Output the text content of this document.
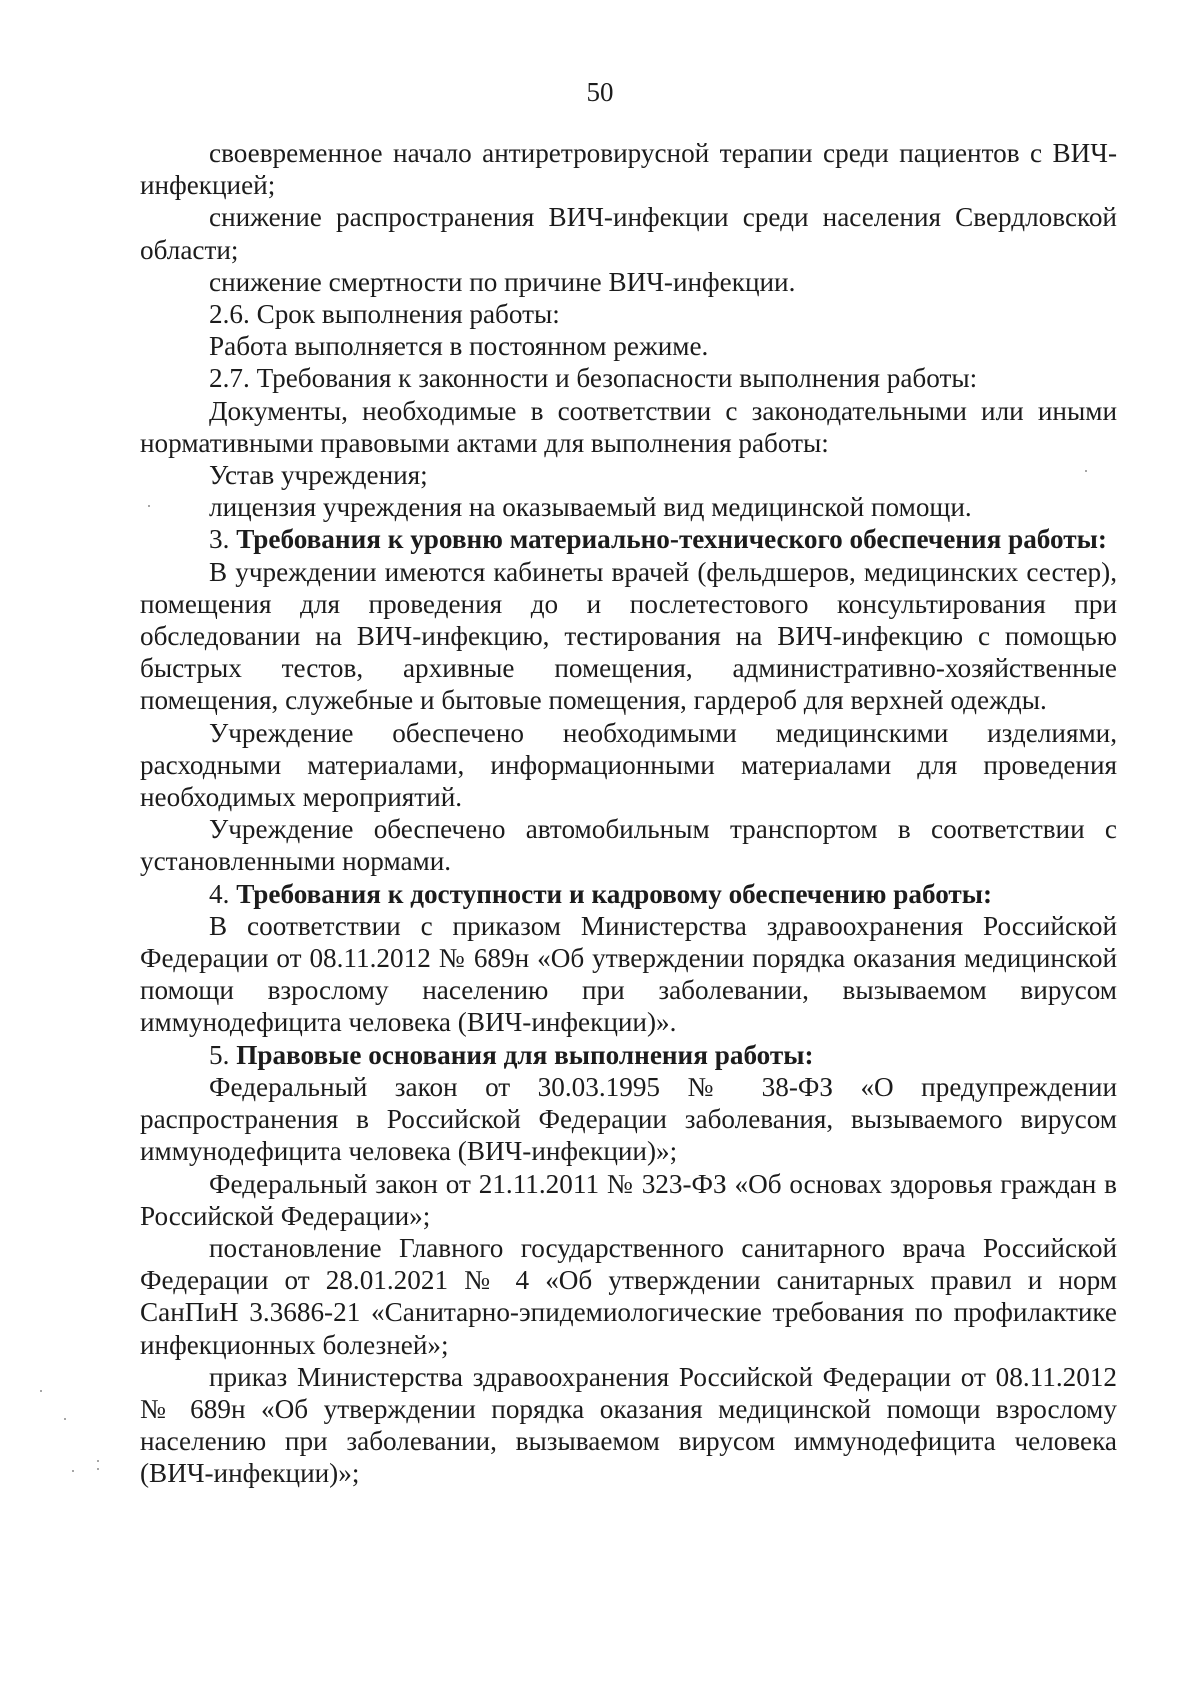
50

своевременное начало антиретровирусной терапии среди пациентов с ВИЧ-инфекцией;

снижение распространения ВИЧ-инфекции среди населения Свердловской области;

снижение смертности по причине ВИЧ-инфекции.

2.6. Срок выполнения работы:

Работа выполняется в постоянном режиме.

2.7. Требования к законности и безопасности выполнения работы:

Документы, необходимые в соответствии с законодательными или иными нормативными правовыми актами для выполнения работы:

Устав учреждения;

лицензия учреждения на оказываемый вид медицинской помощи.

3. Требования к уровню материально-технического обеспечения работы:

В учреждении имеются кабинеты врачей (фельдшеров, медицинских сестер), помещения для проведения до и послетестового консультирования при обследовании на ВИЧ-инфекцию, тестирования на ВИЧ-инфекцию с помощью быстрых тестов, архивные помещения, административно-хозяйственные помещения, служебные и бытовые помещения, гардероб для верхней одежды.

Учреждение обеспечено необходимыми медицинскими изделиями, расходными материалами, информационными материалами для проведения необходимых мероприятий.

Учреждение обеспечено автомобильным транспортом в соответствии с установленными нормами.

4. Требования к доступности и кадровому обеспечению работы:

В соответствии с приказом Министерства здравоохранения Российской Федерации от 08.11.2012 № 689н «Об утверждении порядка оказания медицинской помощи взрослому населению при заболевании, вызываемом вирусом иммунодефицита человека (ВИЧ-инфекции)».

5. Правовые основания для выполнения работы:

Федеральный закон от 30.03.1995 № 38-ФЗ «О предупреждении распространения в Российской Федерации заболевания, вызываемого вирусом иммунодефицита человека (ВИЧ-инфекции)»;

Федеральный закон от 21.11.2011 № 323-ФЗ «Об основах здоровья граждан в Российской Федерации»;

постановление Главного государственного санитарного врача Российской Федерации от 28.01.2021 № 4 «Об утверждении санитарных правил и норм СанПиН 3.3686-21 «Санитарно-эпидемиологические требования по профилактике инфекционных болезней»;

приказ Министерства здравоохранения Российской Федерации от 08.11.2012 № 689н «Об утверждении порядка оказания медицинской помощи взрослому населению при заболевании, вызываемом вирусом иммунодефицита человека (ВИЧ-инфекции)»;
